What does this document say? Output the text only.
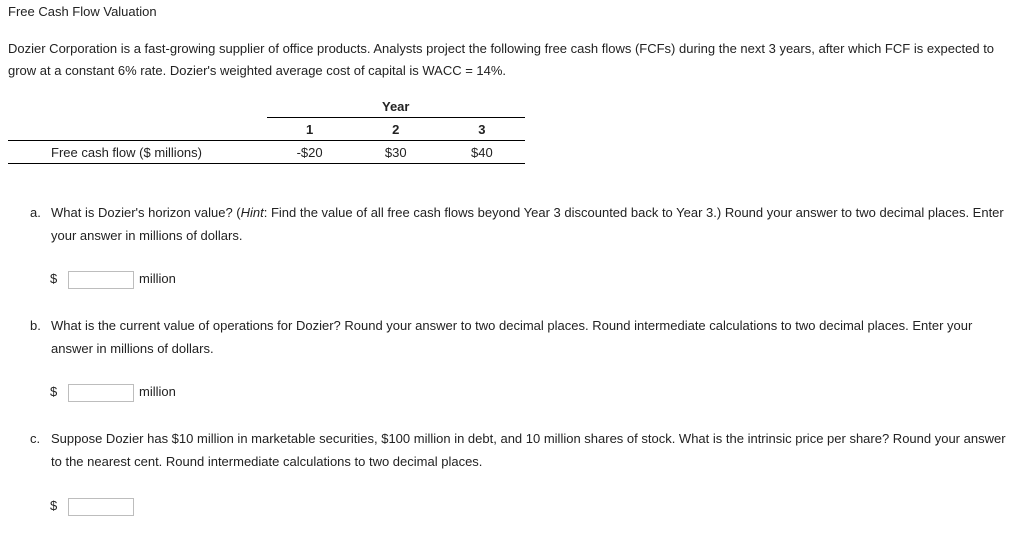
Free Cash Flow Valuation
Dozier Corporation is a fast-growing supplier of office products. Analysts project the following free cash flows (FCFs) during the next 3 years, after which FCF is expected to grow at a constant 6% rate. Dozier's weighted average cost of capital is WACC = 14%.
	Year		
	1	2	3
Free cash flow ($ millions)	-$20	$30	$40
a. What is Dozier's horizon value? (Hint: Find the value of all free cash flows beyond Year 3 discounted back to Year 3.) Round your answer to two decimal places. Enter your answer in millions of dollars.
$	million
b. What is the current value of operations for Dozier? Round your answer to two decimal places. Round intermediate calculations to two decimal places. Enter your answer in millions of dollars.
$	million
c. Suppose Dozier has $10 million in marketable securities, $100 million in debt, and 10 million shares of stock. What is the intrinsic price per share? Round your answer to the nearest cent. Round intermediate calculations to two decimal places.
$
